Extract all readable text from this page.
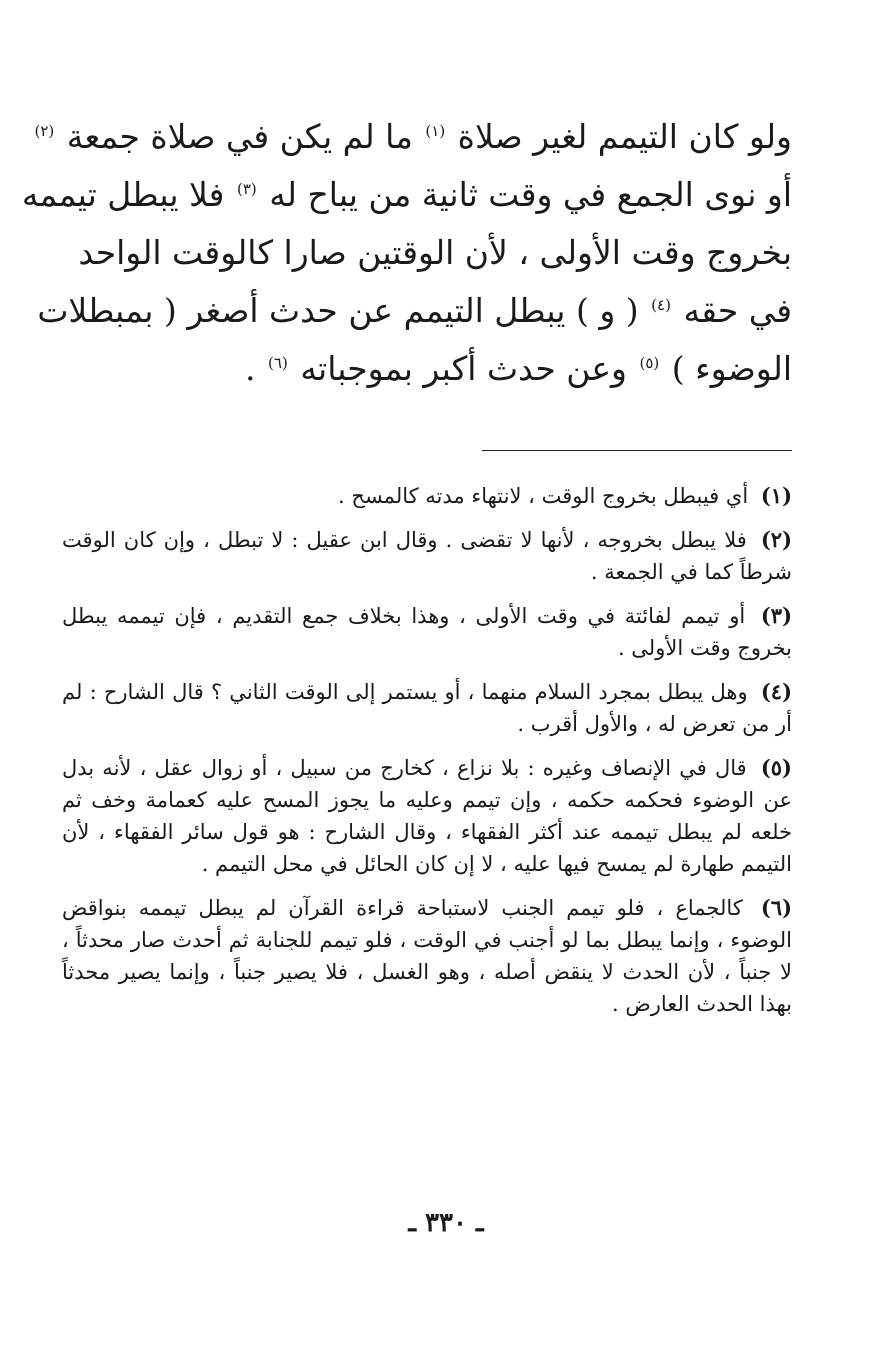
ولو كان التيمم لغير صلاة $^{(١)}$ ما لم يكن في صلاة جمعة $^{(٢)}$
أو نوى الجمع في وقت ثانية من يباح له $^{(٣)}$ فلا يبطل تيممه
بخروج وقت الأولى ، لأن الوقتين صارا كالوقت الواحد
في حقه $^{(٤)}$ ( و ) يبطل التيمم عن حدث أصغر ( بمبطلات
الوضوء ) $^{(٥)}$ وعن حدث أكبر بموجباته $^{(٦)}$ .

(١) أي فيبطل بخروج الوقت ، لانتهاء مدته كالمسح .

(٢) فلا يبطل بخروجه ، لأنها لا تقضى . وقال ابن عقيل : لا تبطل ، وإن كان الوقت شرطاً كما في الجمعة .

(٣) أو تيمم لفائتة في وقت الأولى ، وهذا بخلاف جمع التقديم ، فإن تيممه يبطل بخروج وقت الأولى .

(٤) وهل يبطل بمجرد السلام منهما ، أو يستمر إلى الوقت الثاني ؟ قال الشارح : لم أر من تعرض له ، والأول أقرب .

(٥) قال في الإنصاف وغيره : بلا نزاع ، كخارج من سبيل ، أو زوال عقل ، لأنه بدل عن الوضوء فحكمه حكمه ، وإن تيمم وعليه ما يجوز المسح عليه كعمامة وخف ثم خلعه لم يبطل تيممه عند أكثر الفقهاء ، وقال الشارح : هو قول سائر الفقهاء ، لأن التيمم طهارة لم يمسح فيها عليه ، لا إن كان الحائل في محل التيمم .

(٦) كالجماع ، فلو تيمم الجنب لاستباحة قراءة القرآن لم يبطل تيممه بنواقض الوضوء ، وإنما يبطل بما لو أجنب في الوقت ، فلو تيمم للجنابة ثم أحدث صار محدثاً ، لا جنباً ، لأن الحدث لا ينقض أصله ، وهو الغسل ، فلا يصير جنباً ، وإنما يصير محدثاً بهذا الحدث العارض .

ـ ٣٣٠ ـ
